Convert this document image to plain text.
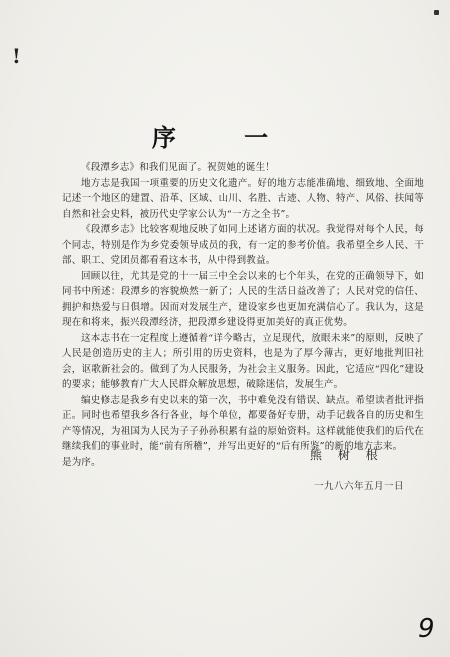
!
序 一

《段潭乡志》和我们见面了。祝贺她的诞生！

地方志是我国一项重要的历史文化遗产。好的地方志能准确地、细致地、全面地记述一个地区的建置、沿革、区域、山川、名胜、古迹、人物、特产、风俗、扶闻等自然和社会史料，被历代史学家公认为“一方之全书”。

《段潭乡志》比较客观地反映了如同上述诸方面的状况。我觉得对每个人民，每个同志，特别是作为乡党委领导成员的我，有一定的参考价值。我希望全乡人民、干部、职工、党团员都看看这本书，从中得到教益。

回顾以往，尤其是党的十一届三中全会以来的七个年头，在党的正确领导下，如同书中所述：段潭乡的容貌焕然一新了；人民的生活日益改善了；人民对党的信任、拥护和热爱与日俱增。因而对发展生产，建设家乡也更加充满信心了。我认为，这是现在和将来，振兴段潭经济，把段潭乡建设得更加美好的真正优势。

这本志书在一定程度上遵循着“详今略古，立足现代，放眼未来”的原则，反映了人民是创造历史的主人；所引用的历史资料，也是为了厚今薄古，更好地批判旧社会，讴歌新社会的。做到了为人民服务，为社会主义服务。因此，它适应“四化”建设的要求；能够教育广大人民群众解放思想，破除迷信，发展生产。

编史修志是我乡有史以来的第一次，书中难免没有错误、缺点。希望读者批评指正。同时也希望我乡各行各业，每个单位，都要备好专册，动手记载各自的历史和生产等情况，为祖国为人民为子子孙孙积累有益的原始资料。这样就能使我们的后代在继续我们的事业时，能“前有所稽”，并写出更好的“后有所鉴”的新的地方志来。

是为序。	熊 树 根
一九八六年五月一日
9
